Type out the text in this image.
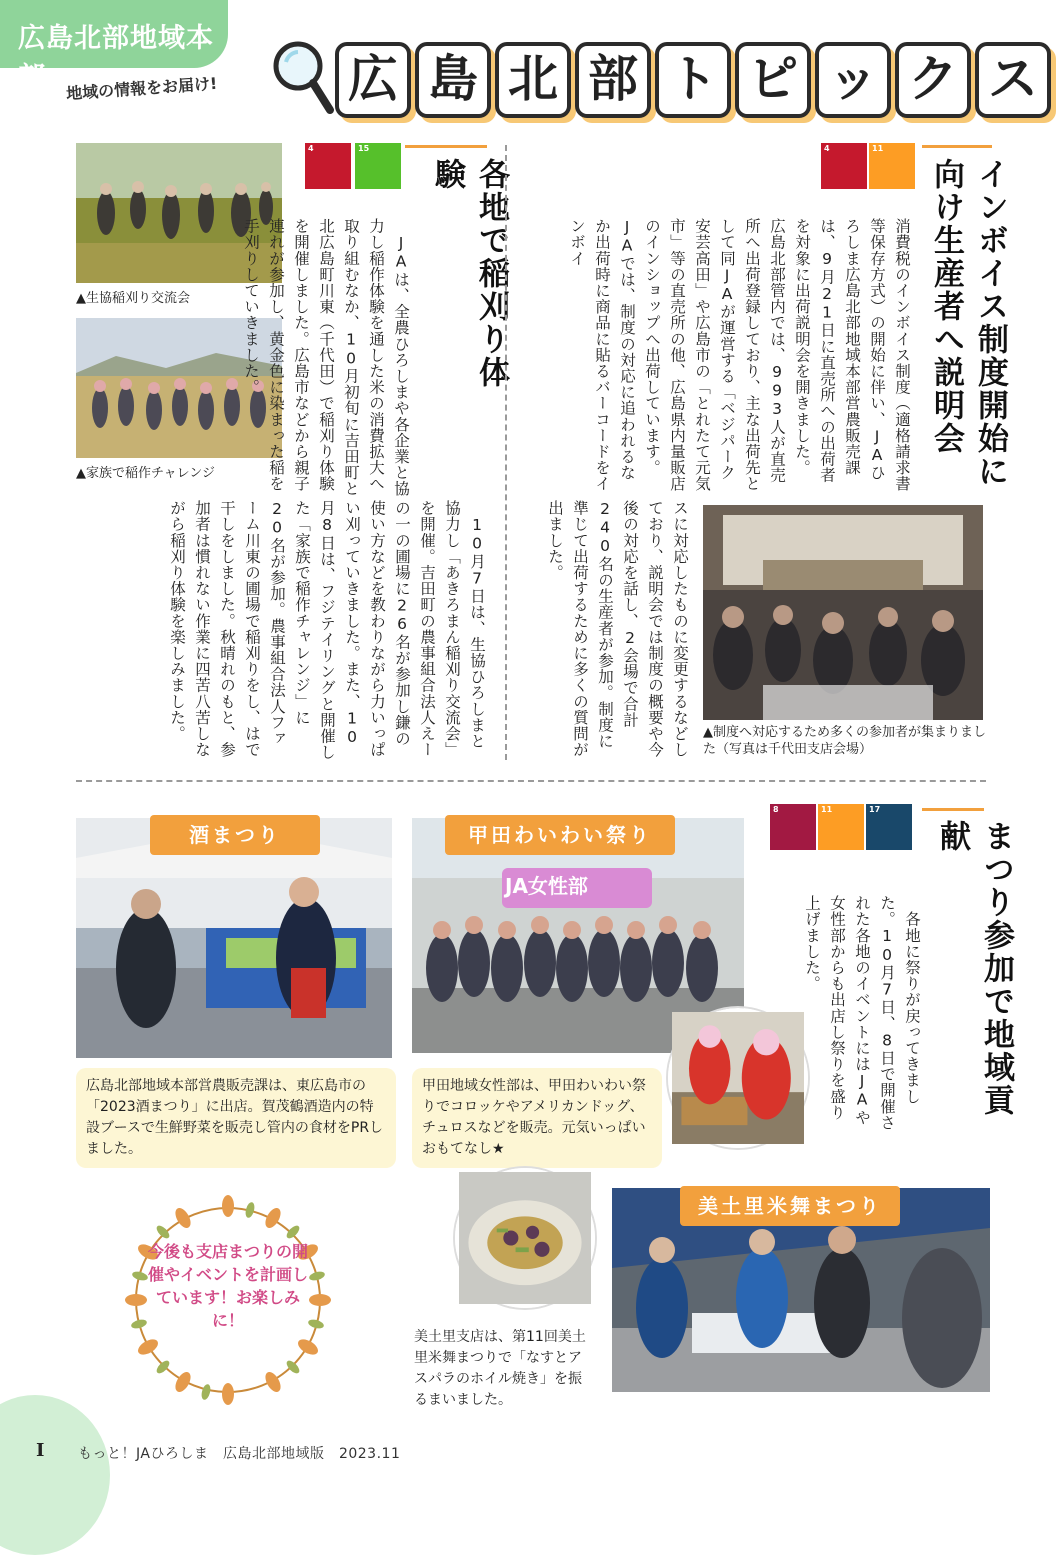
広島北部地域本部	地域の情報をお届け!	広 島 北 部 ト ピ ッ ク ス
▲生協稲刈り交流会
▲家族で稲作チャレンジ
4	15
各地で稲刈り体験
　JAは、全農ひろしまや各企業と協力し稲作体験を通した米の消費拡大へ取り組むなか、10月初旬に吉田町と北広島町川東（千代田）で稲刈り体験を開催しました。広島市などから親子連れが参加し、黄金色に染まった稲を手刈りしていきました。
　10月7日は、生協ひろしまと協力し「あきろまん稲刈り交流会」を開催。吉田町の農事組合法人えーの一の圃場に26名が参加し鎌の使い方などを教わりながら力いっぱい刈っていきました。また、10月8日は、フジテイリングと開催した「家族で稲作チャレンジ」に20名が参加。農事組合法人ファーム川東の圃場で稲刈りをし、はで干しをしました。秋晴れのもと、参加者は慣れない作業に四苦八苦しながら稲刈り体験を楽しみました。
4	11
インボイス制度開始に向け生産者へ説明会
消費税のインボイス制度（適格請求書等保存方式）の開始に伴い、JAひろしま広島北部地域本部営農販売課は、9月21日に直売所への出荷者を対象に出荷説明会を開きました。　広島北部管内では、993人が直売所へ出荷登録しており、主な出荷先として同JAが運営する「ベジパーク安芸高田」や広島市の「とれたて元気市」等の直売所の他、広島県内量販店のインショップへ出荷しています。JAでは、制度の対応に追われるなか出荷時に商品に貼るバーコードをインボイ
スに対応したものに変更するなどしており、説明会では制度の概要や今後の対応を話し、2会場で合計240名の生産者が参加。制度に準じて出荷するために多くの質問が出ました。
▲制度へ対応するため多くの参加者が集まりました（写真は千代田支店会場）
8	11	17
まつり参加で地域貢献
　各地に祭りが戻ってきました。10月7日、8日で開催された各地のイベントにはJAや女性部からも出店し祭りを盛り上げました。
酒まつり
広島北部地域本部営農販売課は、東広島市の「2023酒まつり」に出店。賀茂鶴酒造内の特設ブースで生鮮野菜を販売し管内の食材をPRしました。
JA女性部
甲田わいわい祭り
甲田地域女性部は、甲田わいわい祭りでコロッケやアメリカンドッグ、チュロスなどを販売。元気いっぱいおもてなし★
今後も支店まつりの開催やイベントを計画しています！お楽しみに！
美土里支店は、第11回美土里米舞まつりで「なすとアスパラのホイル焼き」を振るまいました。
美土里米舞まつり
I もっと！JAひろしま　広島北部地域版　2023.11
